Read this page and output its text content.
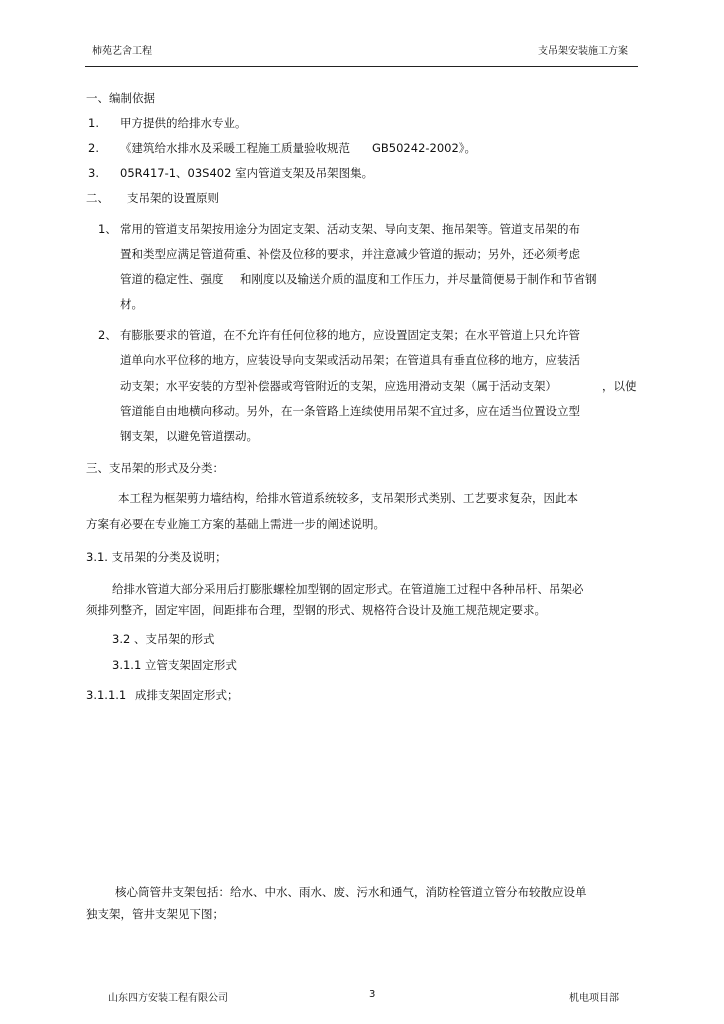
柿苑艺舍工程	支吊架安装施工方案
一、编制依据
1. 甲方提供的给排水专业。
2. 《建筑给水排水及采暖工程施工质量验收规范 GB50242-2002》。
3. 05R417-1、03S402 室内管道支架及吊架图集。
二、 支吊架的设置原则
1、 常用的管道支吊架按用途分为固定支架、活动支架、导向支架、拖吊架等。管道支吊架的布
置和类型应满足管道荷重、补偿及位移的要求，并注意减少管道的振动；另外，还必须考虑
管道的稳定性、强度 和刚度以及输送介质的温度和工作压力，并尽量简便易于制作和节省钢
材。
2、 有膨胀要求的管道，在不允许有任何位移的地方，应设置固定支架；在水平管道上只允许管
道单向水平位移的地方，应装设导向支架或活动吊架；在管道具有垂直位移的地方，应装活
动支架；水平安装的方型补偿器或弯管附近的支架，应选用滑动支架（属于活动支架）	，以使
管道能自由地横向移动。另外，在一条管路上连续使用吊架不宜过多，应在适当位置设立型
钢支架，以避免管道摆动。
三、支吊架的形式及分类：
本工程为框架剪力墙结构，给排水管道系统较多，支吊架形式类别、工艺要求复杂，因此本
方案有必要在专业施工方案的基础上需进一步的阐述说明。
3.1. 支吊架的分类及说明；
给排水管道大部分采用后打膨胀螺栓加型钢的固定形式。在管道施工过程中各种吊杆、吊架必
须排列整齐，固定牢固，间距排布合理，型钢的形式、规格符合设计及施工规范规定要求。
3.2 、支吊架的形式
3.1.1 立管支架固定形式
3.1.1.1 成排支架固定形式；
核心筒管井支架包括：给水、中水、雨水、废、污水和通气，消防栓管道立管分布较散应设单
独支架，管井支架见下图；
山东四方安装工程有限公司	3	机电项目部
